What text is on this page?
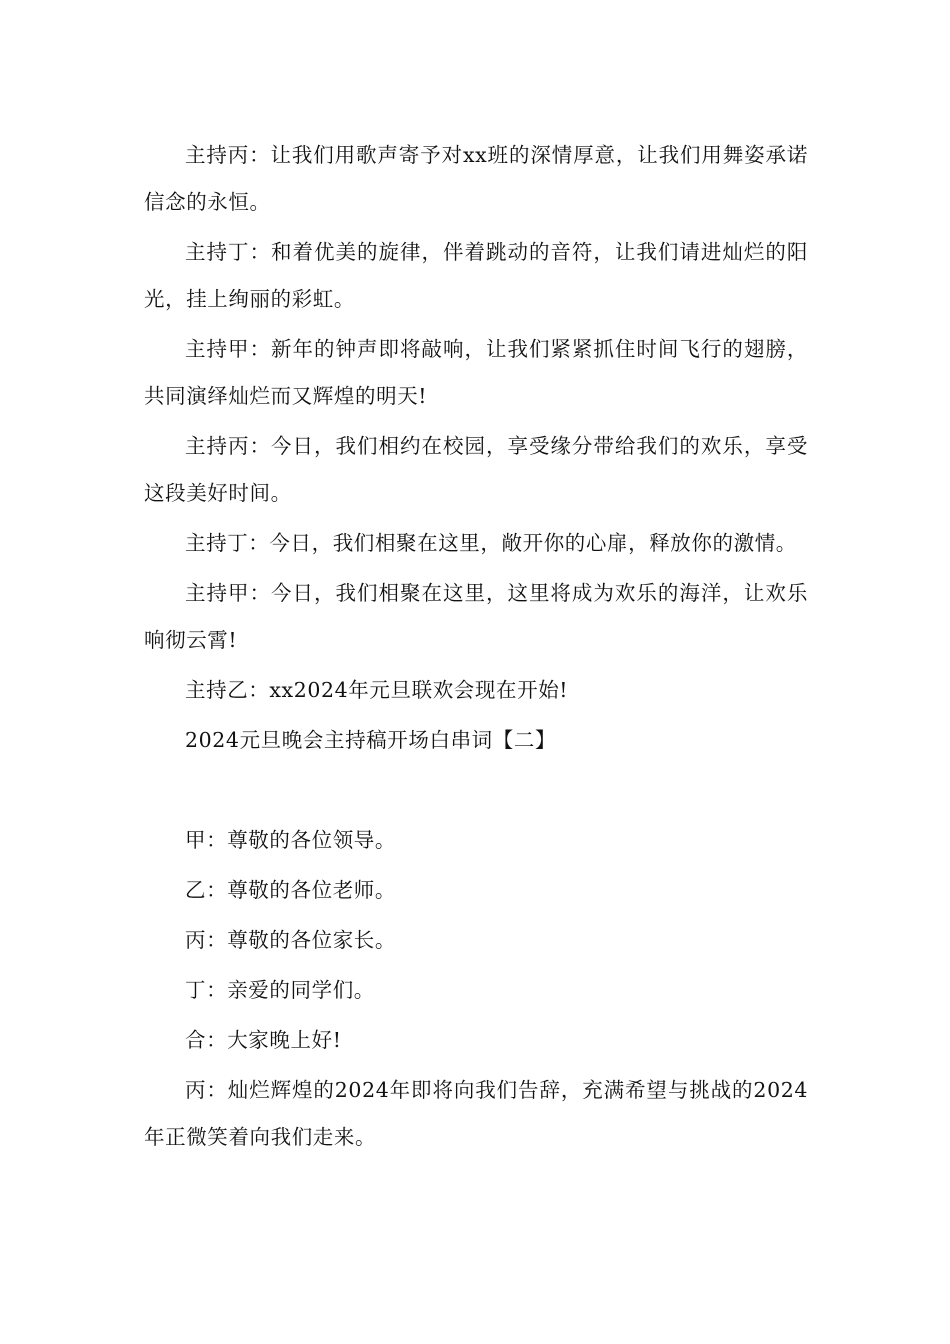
主持丙：让我们用歌声寄予对xx班的深情厚意，让我们用舞姿承诺信念的永恒。

主持丁：和着优美的旋律，伴着跳动的音符，让我们请进灿烂的阳光，挂上绚丽的彩虹。

主持甲：新年的钟声即将敲响，让我们紧紧抓住时间飞行的翅膀，共同演绎灿烂而又辉煌的明天!

主持丙：今日，我们相约在校园，享受缘分带给我们的欢乐，享受这段美好时间。

主持丁：今日，我们相聚在这里，敞开你的心扉，释放你的激情。

主持甲：今日，我们相聚在这里，这里将成为欢乐的海洋，让欢乐响彻云霄!

主持乙：xx2024年元旦联欢会现在开始!

2024元旦晚会主持稿开场白串词【二】

甲：尊敬的各位领导。

乙：尊敬的各位老师。

丙：尊敬的各位家长。

丁：亲爱的同学们。

合：大家晚上好!

丙：灿烂辉煌的2024年即将向我们告辞，充满希望与挑战的2024年正微笑着向我们走来。
